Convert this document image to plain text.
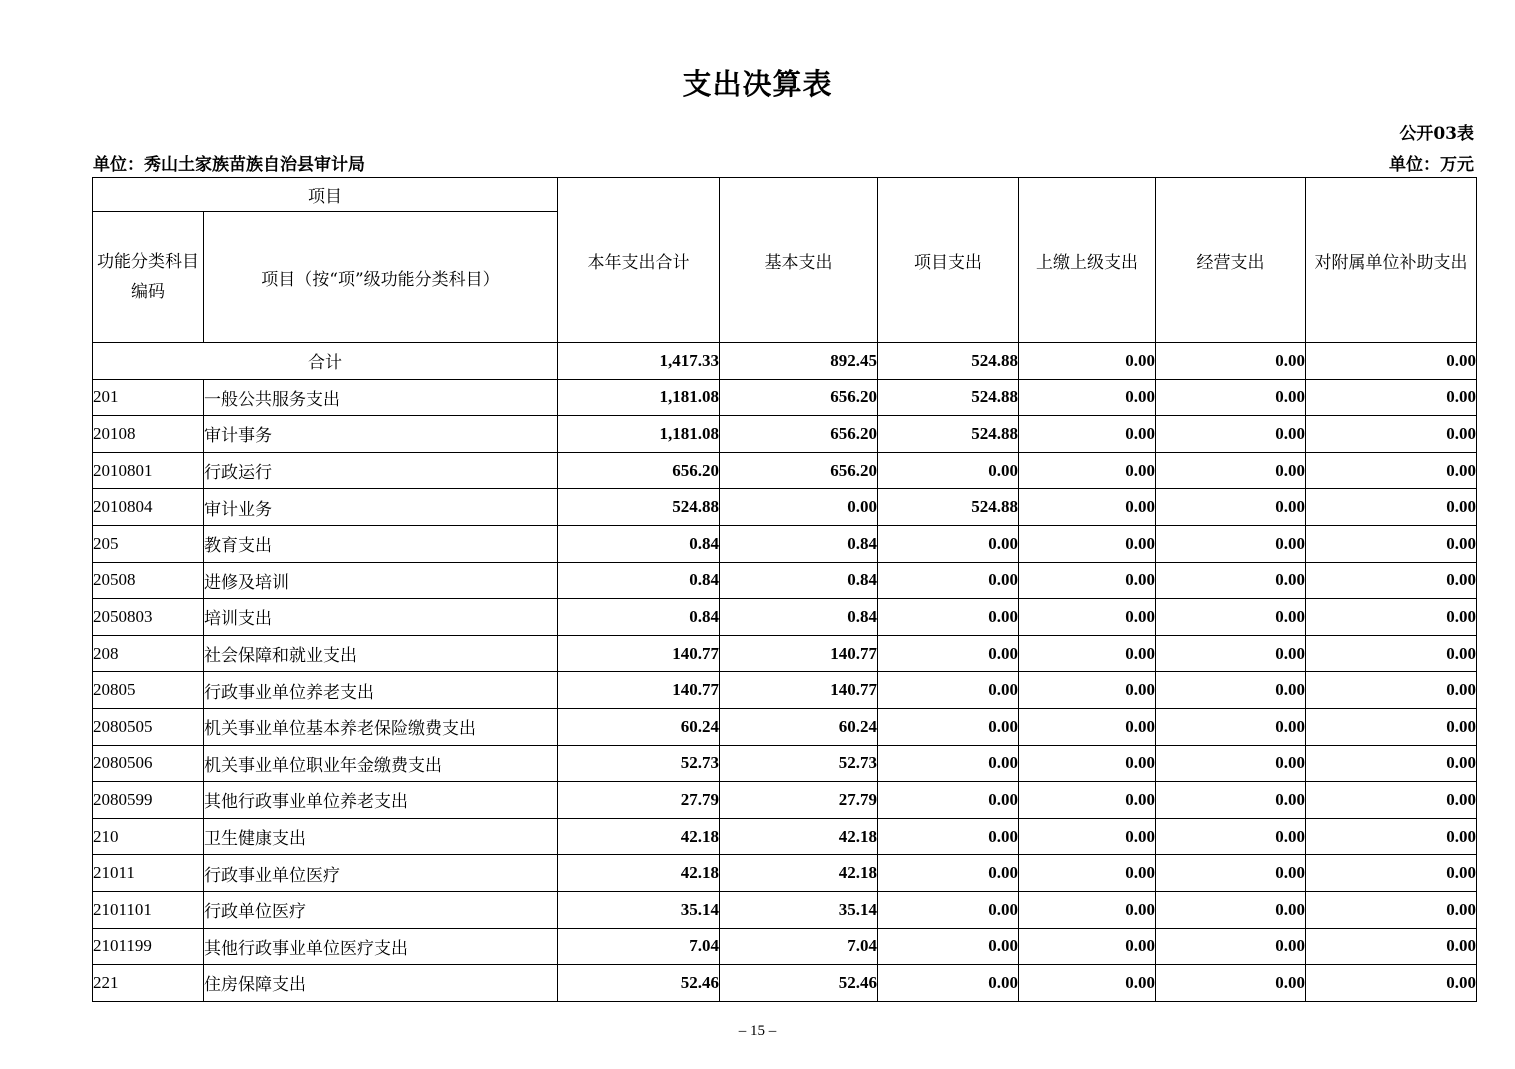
支出决算表
公开03表
单位：秀山土家族苗族自治县审计局	单位：万元
项目		本年支出合计	基本支出	项目支出	上缴上级支出	经营支出	对附属单位补助支出
功能分类科目编码	项目（按“项”级功能分类科目）						
合计		1,417.33	892.45	524.88	0.00	0.00	0.00
201	一般公共服务支出	1,181.08	656.20	524.88	0.00	0.00	0.00
20108	审计事务	1,181.08	656.20	524.88	0.00	0.00	0.00
2010801	行政运行	656.20	656.20	0.00	0.00	0.00	0.00
2010804	审计业务	524.88	0.00	524.88	0.00	0.00	0.00
205	教育支出	0.84	0.84	0.00	0.00	0.00	0.00
20508	进修及培训	0.84	0.84	0.00	0.00	0.00	0.00
2050803	培训支出	0.84	0.84	0.00	0.00	0.00	0.00
208	社会保障和就业支出	140.77	140.77	0.00	0.00	0.00	0.00
20805	行政事业单位养老支出	140.77	140.77	0.00	0.00	0.00	0.00
2080505	机关事业单位基本养老保险缴费支出	60.24	60.24	0.00	0.00	0.00	0.00
2080506	机关事业单位职业年金缴费支出	52.73	52.73	0.00	0.00	0.00	0.00
2080599	其他行政事业单位养老支出	27.79	27.79	0.00	0.00	0.00	0.00
210	卫生健康支出	42.18	42.18	0.00	0.00	0.00	0.00
21011	行政事业单位医疗	42.18	42.18	0.00	0.00	0.00	0.00
2101101	行政单位医疗	35.14	35.14	0.00	0.00	0.00	0.00
2101199	其他行政事业单位医疗支出	7.04	7.04	0.00	0.00	0.00	0.00
221	住房保障支出	52.46	52.46	0.00	0.00	0.00	0.00
– 15 –
